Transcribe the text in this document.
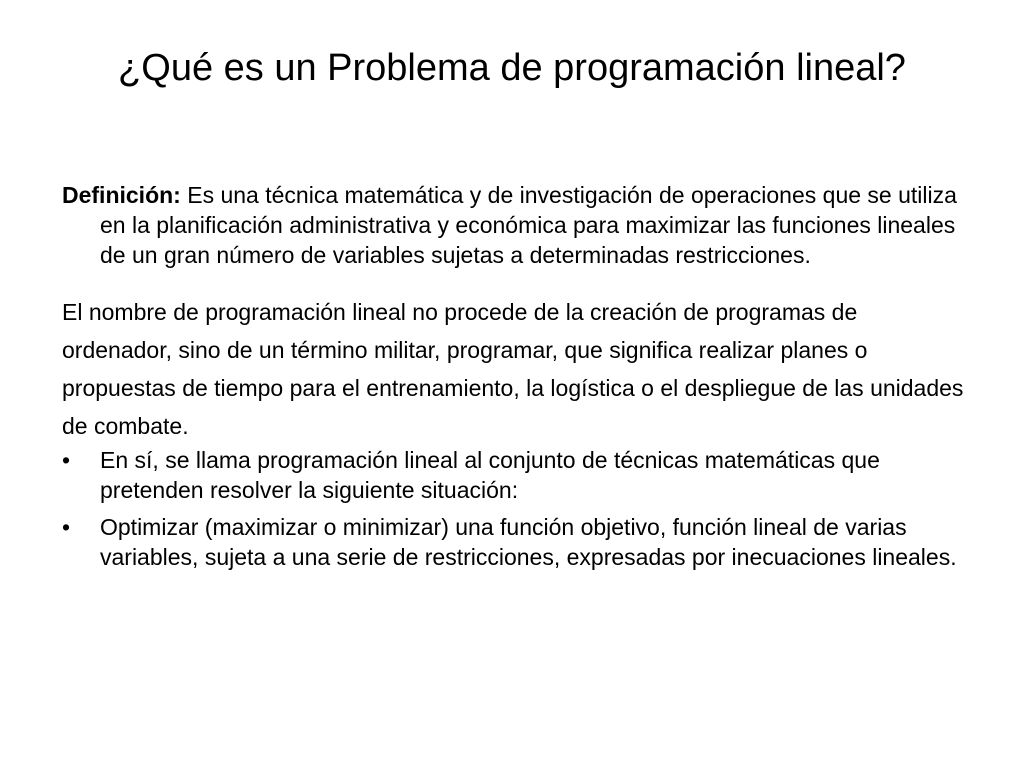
¿Qué es un Problema de programación lineal?

Definición: Es una técnica matemática y de investigación de operaciones que se utiliza en la planificación administrativa y económica para maximizar las funciones lineales de un gran número de variables sujetas a determinadas restricciones.

El nombre de programación lineal no procede de la creación de programas de ordenador, sino de un término militar, programar, que significa realizar planes o propuestas de tiempo para el entrenamiento, la logística o el despliegue de las unidades de combate.

•	En sí, se llama programación lineal al conjunto de técnicas matemáticas que pretenden resolver la siguiente situación:
•	Optimizar (maximizar o minimizar) una función objetivo, función lineal de varias variables, sujeta a una serie de restricciones, expresadas por inecuaciones lineales.
